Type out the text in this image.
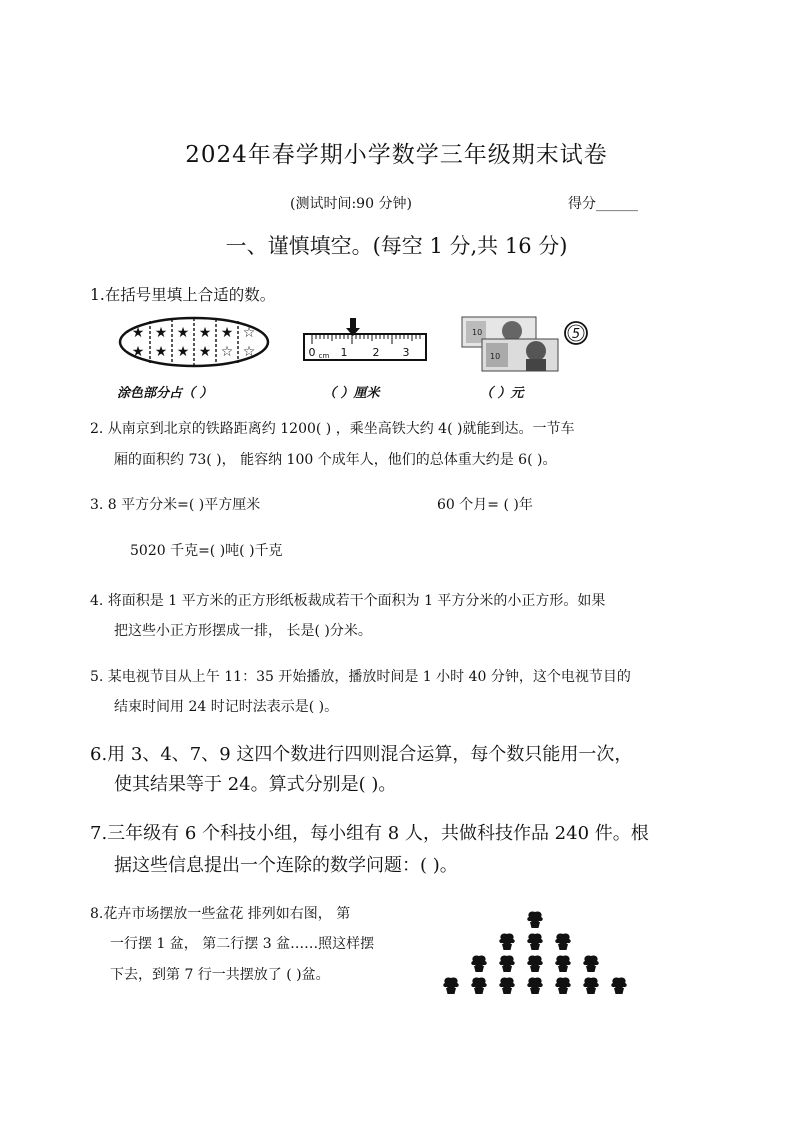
2024年春学期小学数学三年级期末试卷
(测试时间:90 分钟)	得分______
一、谨慎填空。(每空 1 分,共 16 分)
1.在括号里填上合适的数。
★ ★ ★ ★ ★ ☆
★ ★ ★ ★ ☆ ☆	0 cm 1 2 3
10
10
5
涂色部分占（ ）	（ ）厘米	（ ）元
2. 从南京到北京的铁路距离约 1200( ) ，乘坐高铁大约 4( )就能到达。一节车
厢的面积约 73( )， 能容纳 100 个成年人，他们的总体重大约是 6( )。
3. 8 平方分米=( )平方厘米	60 个月= ( )年
5020 千克=( )吨( )千克
4. 将面积是 1 平方米的正方形纸板裁成若干个面积为 1 平方分米的小正方形。如果
把这些小正方形摆成一排， 长是( )分米。
5. 某电视节目从上午 11：35 开始播放，播放时间是 1 小时 40 分钟，这个电视节目的
结束时间用 24 时记时法表示是( )。
6.用 3、4、7、9 这四个数进行四则混合运算，每个数只能用一次，
使其结果等于 24。算式分别是( )。
7.三年级有 6 个科技小组，每小组有 8 人，共做科技作品 240 件。根
据这些信息提出一个连除的数学问题：( )。
8.花卉市场摆放一些盆花 排列如右图， 第
一行摆 1 盆， 第二行摆 3 盆……照这样摆
下去，到第 7 行一共摆放了 ( )盆。
